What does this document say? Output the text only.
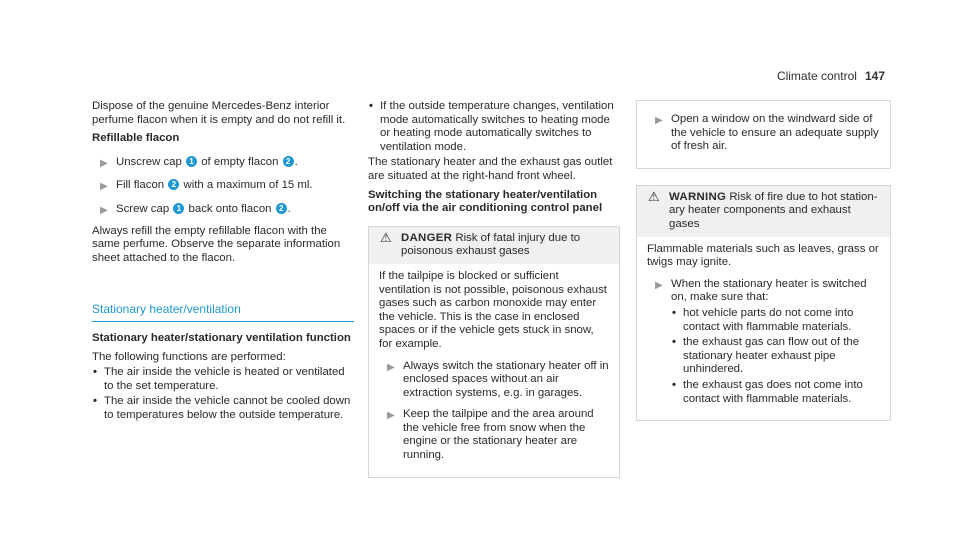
Climate control 147

Dispose of the genuine Mercedes-Benz interior perfume flacon when it is empty and do not refill it.

Refillable flacon

▶ Unscrew cap 1 of empty flacon 2 .
▶ Fill flacon 2 with a maximum of 15 ml.
▶ Screw cap 1 back onto flacon 2 .

Always refill the empty refillable flacon with the same perfume. Observe the separate information sheet attached to the flacon.

Stationary heater/ventilation
Stationary heater/stationary ventilation function

The following functions are performed:

• The air inside the vehicle is heated or ventilated to the set temperature.
• The air inside the vehicle cannot be cooled down to temperatures below the outside temperature.
• If the outside temperature changes, ventilation mode automatically switches to heating mode or heating mode automatically switches to ventilation mode.

The stationary heater and the exhaust gas outlet are situated at the right-hand front wheel.

Switching the stationary heater/ventilation on/off via the air conditioning control panel

⚠ DANGER Risk of fatal injury due to poisonous exhaust gases

If the tailpipe is blocked or sufficient ventilation is not possible, poisonous exhaust gases such as carbon monoxide may enter the vehicle. This is the case in enclosed spaces or if the vehicle gets stuck in snow, for example.

▶ Always switch the stationary heater off in enclosed spaces without an air extraction systems, e.g. in garages.
▶ Keep the tailpipe and the area around the vehicle free from snow when the engine or the stationary heater are running.
▶ Open a window on the windward side of the vehicle to ensure an adequate supply of fresh air.
⚠ WARNING Risk of fire due to hot stationary heater components and exhaust gases

Flammable materials such as leaves, grass or twigs may ignite.

▶ When the stationary heater is switched on, make sure that:
• hot vehicle parts do not come into contact with flammable materials.
• the exhaust gas can flow out of the stationary heater exhaust pipe unhindered.
• the exhaust gas does not come into contact with flammable materials.
